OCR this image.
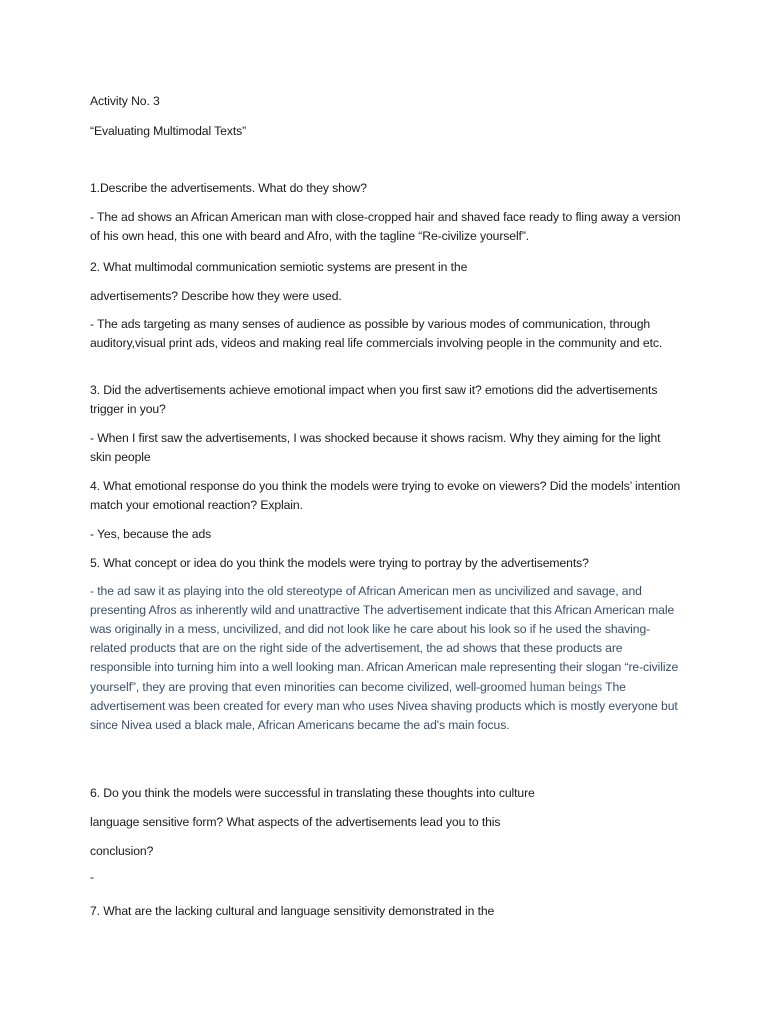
Activity No. 3
“Evaluating Multimodal Texts”
1.Describe the advertisements. What do they show?
- The ad shows an African American man with close-cropped hair and shaved face ready to fling away a version of his own head, this one with beard and Afro, with the tagline “Re-civilize yourself”.
2. What multimodal communication semiotic systems are present in the
advertisements? Describe how they were used.
- The ads targeting as many senses of audience as possible by various modes of communication, through auditory,visual print ads, videos and making real life commercials involving people in the community and etc.
3. Did the advertisements achieve emotional impact when you first saw it? emotions did the advertisements trigger in you?
- When I first saw the advertisements, I was shocked because it shows racism. Why they aiming for the light skin people
4. What emotional response do you think the models were trying to evoke on viewers? Did the models’ intention match your emotional reaction? Explain.
- Yes, because the ads
5. What concept or idea do you think the models were trying to portray by the advertisements?
- the ad saw it as playing into the old stereotype of African American men as uncivilized and savage, and presenting Afros as inherently wild and unattractive The advertisement indicate that this African American male was originally in a mess, uncivilized, and did not look like he care about his look so if he used the shaving-related products that are on the right side of the advertisement, the ad shows that these products are responsible into turning him into a well looking man. African American male representing their slogan “re-civilize yourself”, they are proving that even minorities can become civilized, well-groomed human beings The advertisement was been created for every man who uses Nivea shaving products which is mostly everyone but since Nivea used a black male, African Americans became the ad's main focus.
6. Do you think the models were successful in translating these thoughts into culture
language sensitive form? What aspects of the advertisements lead you to this
conclusion?
-
7. What are the lacking cultural and language sensitivity demonstrated in the
